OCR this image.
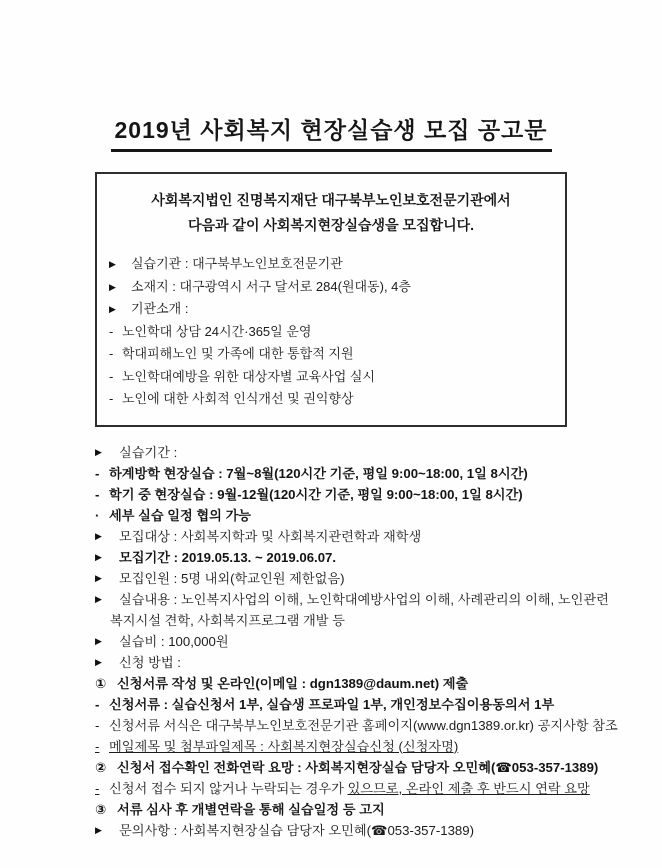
2019년 사회복지 현장실습생 모집 공고문
사회복지법인 진명복지재단 대구북부노인보호전문기관에서
다음과 같이 사회복지현장실습생을 모집합니다.
▶	실습기관 : 대구북부노인보호전문기관
▶	소재지 : 대구광역시 서구 달서로 284(원대동), 4층
▶	기관소개 :
- 노인학대 상담 24시간·365일 운영
- 학대피해노인 및 가족에 대한 통합적 지원
- 노인학대예방을 위한 대상자별 교육사업 실시
- 노인에 대한 사회적 인식개선 및 권익향상
▶	실습기간 :
- 하계방학 현장실습 : 7월~8월(120시간 기준, 평일 9:00~18:00, 1일 8시간)
- 학기 중 현장실습 : 9월-12월(120시간 기준, 평일 9:00~18:00, 1일 8시간)
· 세부 실습 일정 협의 가능
▶	모집대상 : 사회복지학과 및 사회복지관련학과 재학생
▶	모집기간 : 2019.05.13. ~ 2019.06.07.
▶	모집인원 : 5명 내외(학교인원 제한없음)
▶	실습내용 : 노인복지사업의 이해, 노인학대예방사업의 이해, 사례관리의 이해, 노인관련
복지시설 견학, 사회복지프로그램 개발 등
▶	실습비 : 100,000원
▶	신청 방법 :
① 신청서류 작성 및 온라인(이메일 : dgn1389@daum.net) 제출
- 신청서류 : 실습신청서 1부, 실습생 프로파일 1부, 개인정보수집이용동의서 1부
- 신청서류 서식은 대구북부노인보호전문기관 홈페이지(www.dgn1389.or.kr) 공지사항 참조
- 메일제목 및 첨부파일제목 : 사회복지현장실습신청 (신청자명)
② 신청서 접수확인 전화연락 요망 : 사회복지현장실습 담당자 오민혜(☎053-357-1389)
- 신청서 접수 되지 않거나 누락되는 경우가 있으므로, 온라인 제출 후 반드시 연락 요망
③ 서류 심사 후 개별연락을 통해 실습일정 등 고지
▶	문의사항 : 사회복지현장실습 담당자 오민혜(☎053-357-1389)
